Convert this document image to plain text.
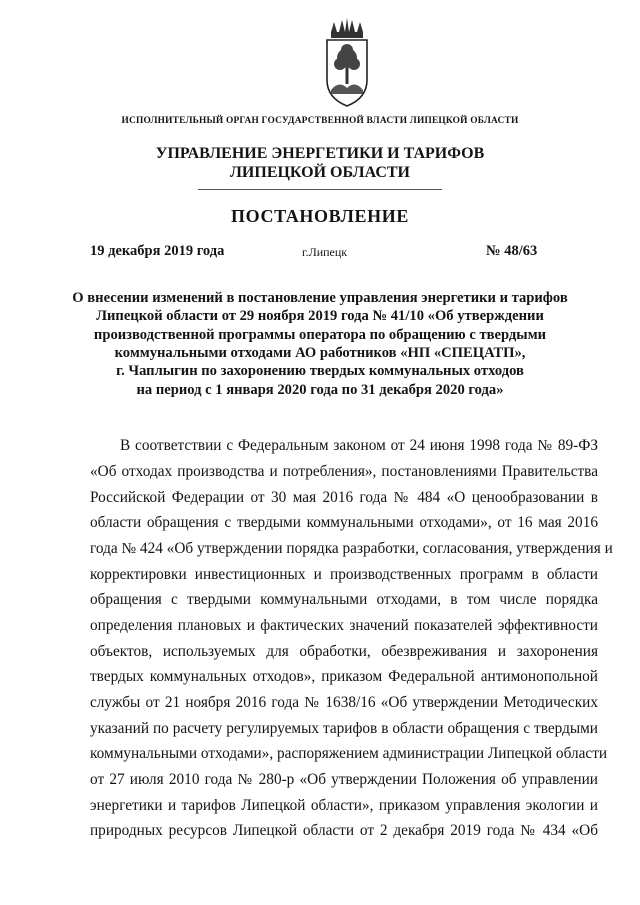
ИСПОЛНИТЕЛЬНЫЙ ОРГАН ГОСУДАРСТВЕННОЙ ВЛАСТИ ЛИПЕЦКОЙ ОБЛАСТИ
УПРАВЛЕНИЕ ЭНЕРГЕТИКИ И ТАРИФОВ
ЛИПЕЦКОЙ ОБЛАСТИ
ПОСТАНОВЛЕНИЕ
19 декабря 2019 года	г.Липецк	№ 48/63
О внесении изменений в постановление управления энергетики и тарифов
Липецкой области от 29 ноября 2019 года № 41/10 «Об утверждении
производственной программы оператора по обращению с твердыми
коммунальными отходами АО работников «НП «СПЕЦАТП»,
г. Чаплыгин по захоронению твердых коммунальных отходов
на период с 1 января 2020 года по 31 декабря 2020 года»
В соответствии с Федеральным законом от 24 июня 1998 года № 89-ФЗ
«Об отходах производства и потребления», постановлениями Правительства
Российской Федерации от 30 мая 2016 года № 484 «О ценообразовании в
области обращения с твердыми коммунальными отходами», от 16 мая 2016
года № 424 «Об утверждении порядка разработки, согласования, утверждения и
корректировки инвестиционных и производственных программ в области
обращения с твердыми коммунальными отходами, в том числе порядка
определения плановых и фактических значений показателей эффективности
объектов, используемых для обработки, обезвреживания и захоронения
твердых коммунальных отходов», приказом Федеральной антимонопольной
службы от 21 ноября 2016 года № 1638/16 «Об утверждении Методических
указаний по расчету регулируемых тарифов в области обращения с твердыми
коммунальными отходами», распоряжением администрации Липецкой области
от 27 июля 2010 года № 280-р «Об утверждении Положения об управлении
энергетики и тарифов Липецкой области», приказом управления экологии и
природных ресурсов Липецкой области от 2 декабря 2019 года № 434 «Об
